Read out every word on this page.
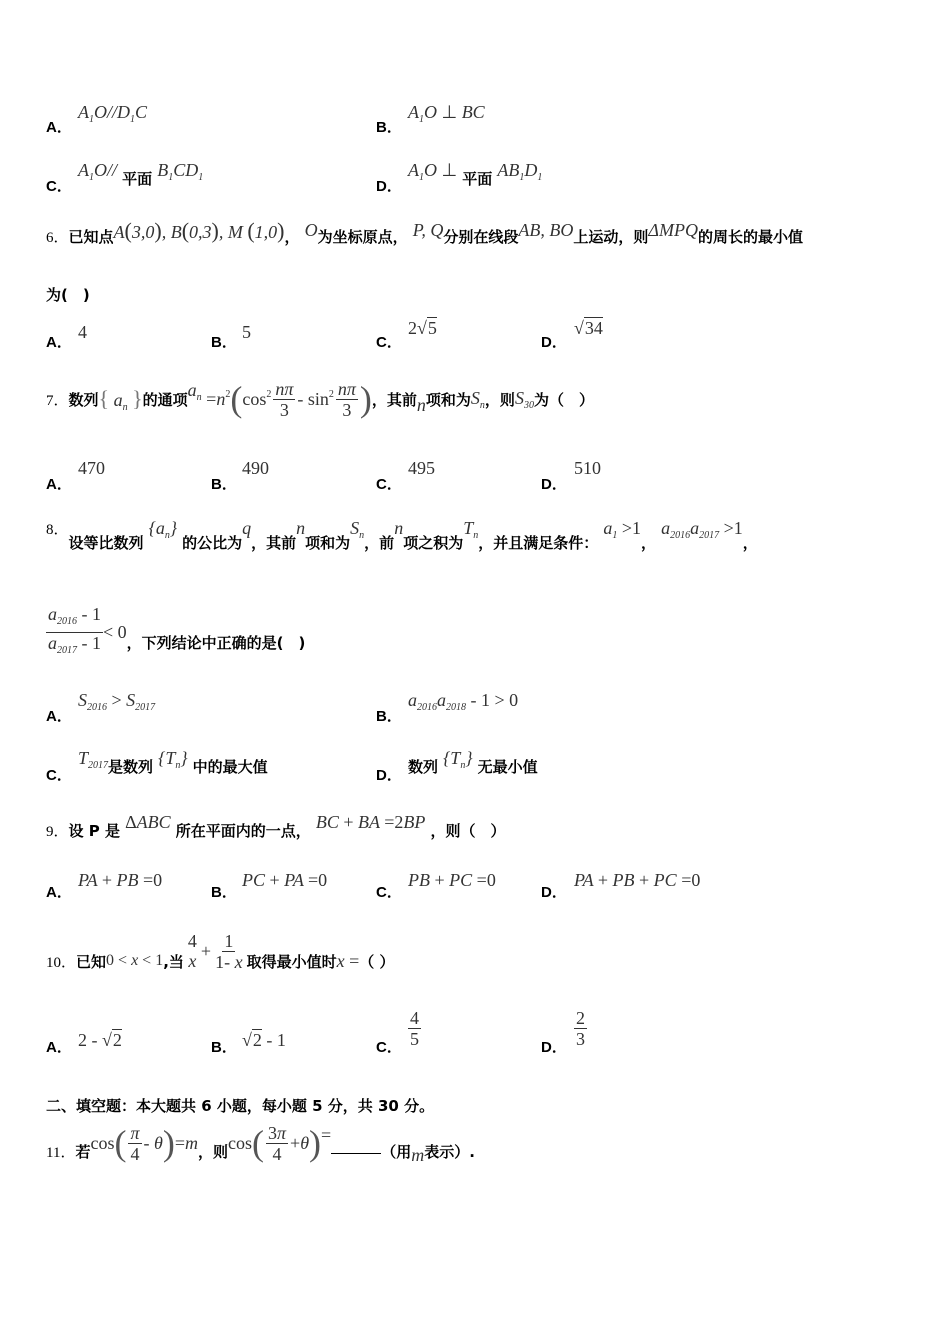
A．
$A_1O//D_1C$
B．
$A_1O$ ⊥ BC
C．
$A_1O//$ 平面 $B_1CD_1$
D．
$A_1O$ ⊥ 平面 $AB_1D_1$
6．已知点A(3,0), B(0,3), M (1,0)， O为坐标原点， P, Q分别在线段AB, BO上运动，则ΔMPQ的周长的最小值
为(　)
A．
4
B．
5
C．
2√5
D．
√34
7． 数列 { $a_n$ } 的通项 $a_n$
= $n^2$ ( $\cos^2 n\pi$
3
- $\sin^2 n\pi$
3 ) ，其前 n 项和为 $S_n$ ，则 $S_{30}$ 为（　）
A．
470
B．
490
C．
495
D．
510
8．设等比数列 $\{a_n\}$ 的公比为q，其前n项和为$S_n$，前n项之积为$T_n$，并且满足条件： $a_1 >1$， $a_{2016}a_{2017} >1$，
$a_{2016} - 1$
$a_{2017} - 1$
< 0
，下列结论中正确的是(　)
A．
$S_{2016} > S_{2017}$
B．
$a_{2016}a_{2018} - 1 > 0$
C．
$T_{2017}$是数列 $\{T_n\}$ 中的最大值	D． 数列 $\{T_n\}$ 无最小值
9．设 P 是 ΔABC 所在平面内的一点， BC + BA =2BP ，则（　）
A．
PA + PB =0
B．
PC + PA =0
C．
PB + PC =0
D．
PA + PB + PC =0
10． 已知 0 < x < 1 ,当
4
x
+ $\frac{1}{1- x}$ 取得最小值时 x = （ ）
A． 2 - √2	B． √2 - 1	C． $\frac{4}{5}$	D． $\frac{2}{3}$
二、填空题：本大题共 6 小题，每小题 5 分，共 30 分。
11． 若 cos ( π
4
- θ ) = m ，则 cos ( 3π
4
+ θ ) =
（用 m 表示）.
